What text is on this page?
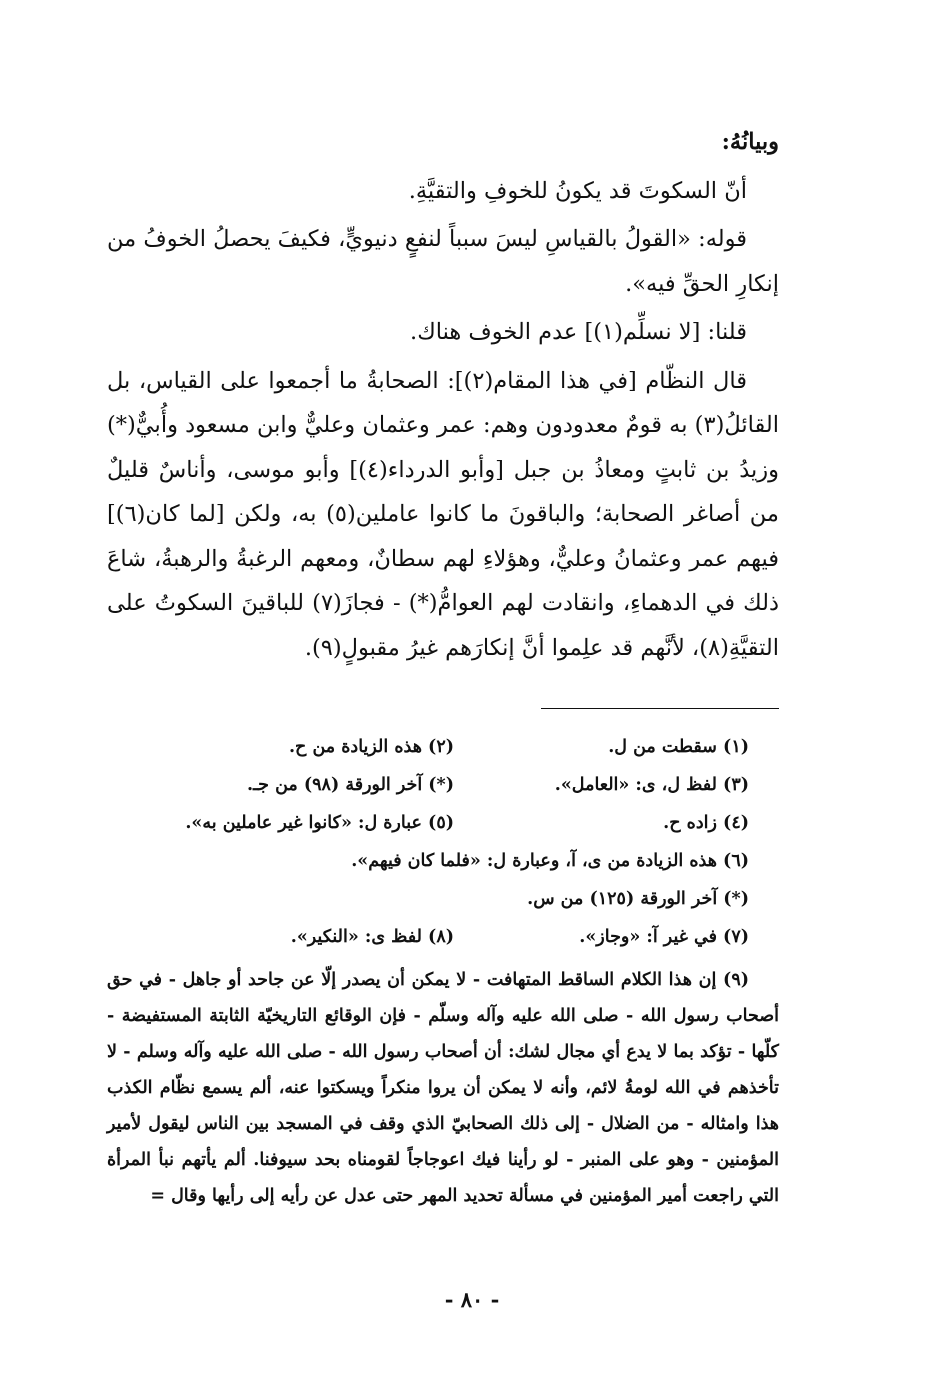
وبيانُهُ:

أنّ السكوتَ قد يكونُ للخوفِ والتقيَّةِ.

قوله: «القولُ بالقياسِ ليسَ سبباً لنفعٍ دنيويٍّ، فكيفَ يحصلُ الخوفُ من إنكارِ الحقِّ فيه».

قلنا: [لا نسلِّم(١)] عدم الخوف هناك.

قال النظّام [في هذا المقام(٢)]: الصحابةُ ما أجمعوا على القياس، بل القائلُ(٣) به قومٌ معدودون وهم: عمر وعثمان وعليٌّ وابن مسعود وأُبيٌّ(*) وزيدُ بن ثابتٍ ومعاذُ بن جبل [وأبو الدرداء(٤)] وأبو موسى، وأناسٌ قليلٌ من أصاغر الصحابة؛ والباقونَ ما كانوا عاملين(٥) به، ولكن [لما كان(٦)] فيهم عمر وعثمانُ وعليٌّ، وهؤلاءِ لهم سطانٌ، ومعهم الرغبةُ والرهبةُ، شاعَ ذلك في الدهماءِ، وانقادت لهم العوامُّ(*) - فجازَ(٧) للباقينَ السكوتُ على التقيَّةِ(٨)، لأنَّهم قد علِموا أنَّ إنكارَهم غيرُ مقبولٍ(٩).

(١) سقطت من ل.
(٢) هذه الزيادة من ح.
(٣) لفظ ل، ى: «العامل».
(*) آخر الورقة (٩٨) من جـ.
(٤) زاده ح.
(٥) عبارة ل: «كانوا غير عاملين به».
(٦) هذه الزيادة من ى، آ، وعبارة ل: «فلما كان فيهم».
(*) آخر الورقة (١٢٥) من س.
(٧) في غير آ: «وجاز».
(٨) لفظ ى: «النكير».
(٩) إن هذا الكلام الساقط المتهافت - لا يمكن أن يصدر إلّا عن جاحد أو جاهل - في حق أصحاب رسول الله - صلى الله عليه وآله وسلّم - فإن الوقائع التاريخيّة الثابتة المستفيضة - كلّها - تؤكد بما لا يدع أي مجال لشك: أن أصحاب رسول الله - صلى الله عليه وآله وسلم - لا تأخذهم في الله لومةُ لائم، وأنه لا يمكن أن يروا منكراً ويسكتوا عنه، ألم يسمع نظّام الكذب هذا وامثاله - من الضلال - إلى ذلك الصحابيّ الذي وقف في المسجد بين الناس ليقول لأمير المؤمنين - وهو على المنبر - لو رأينا فيك اعوجاجاً لقومناه بحد سيوفنا. ألم يأتهم نبأ المرأة التي راجعت أمير المؤمنين في مسألة تحديد المهر حتى عدل عن رأيه إلى رأيها وقال =
- ٨٠ -
